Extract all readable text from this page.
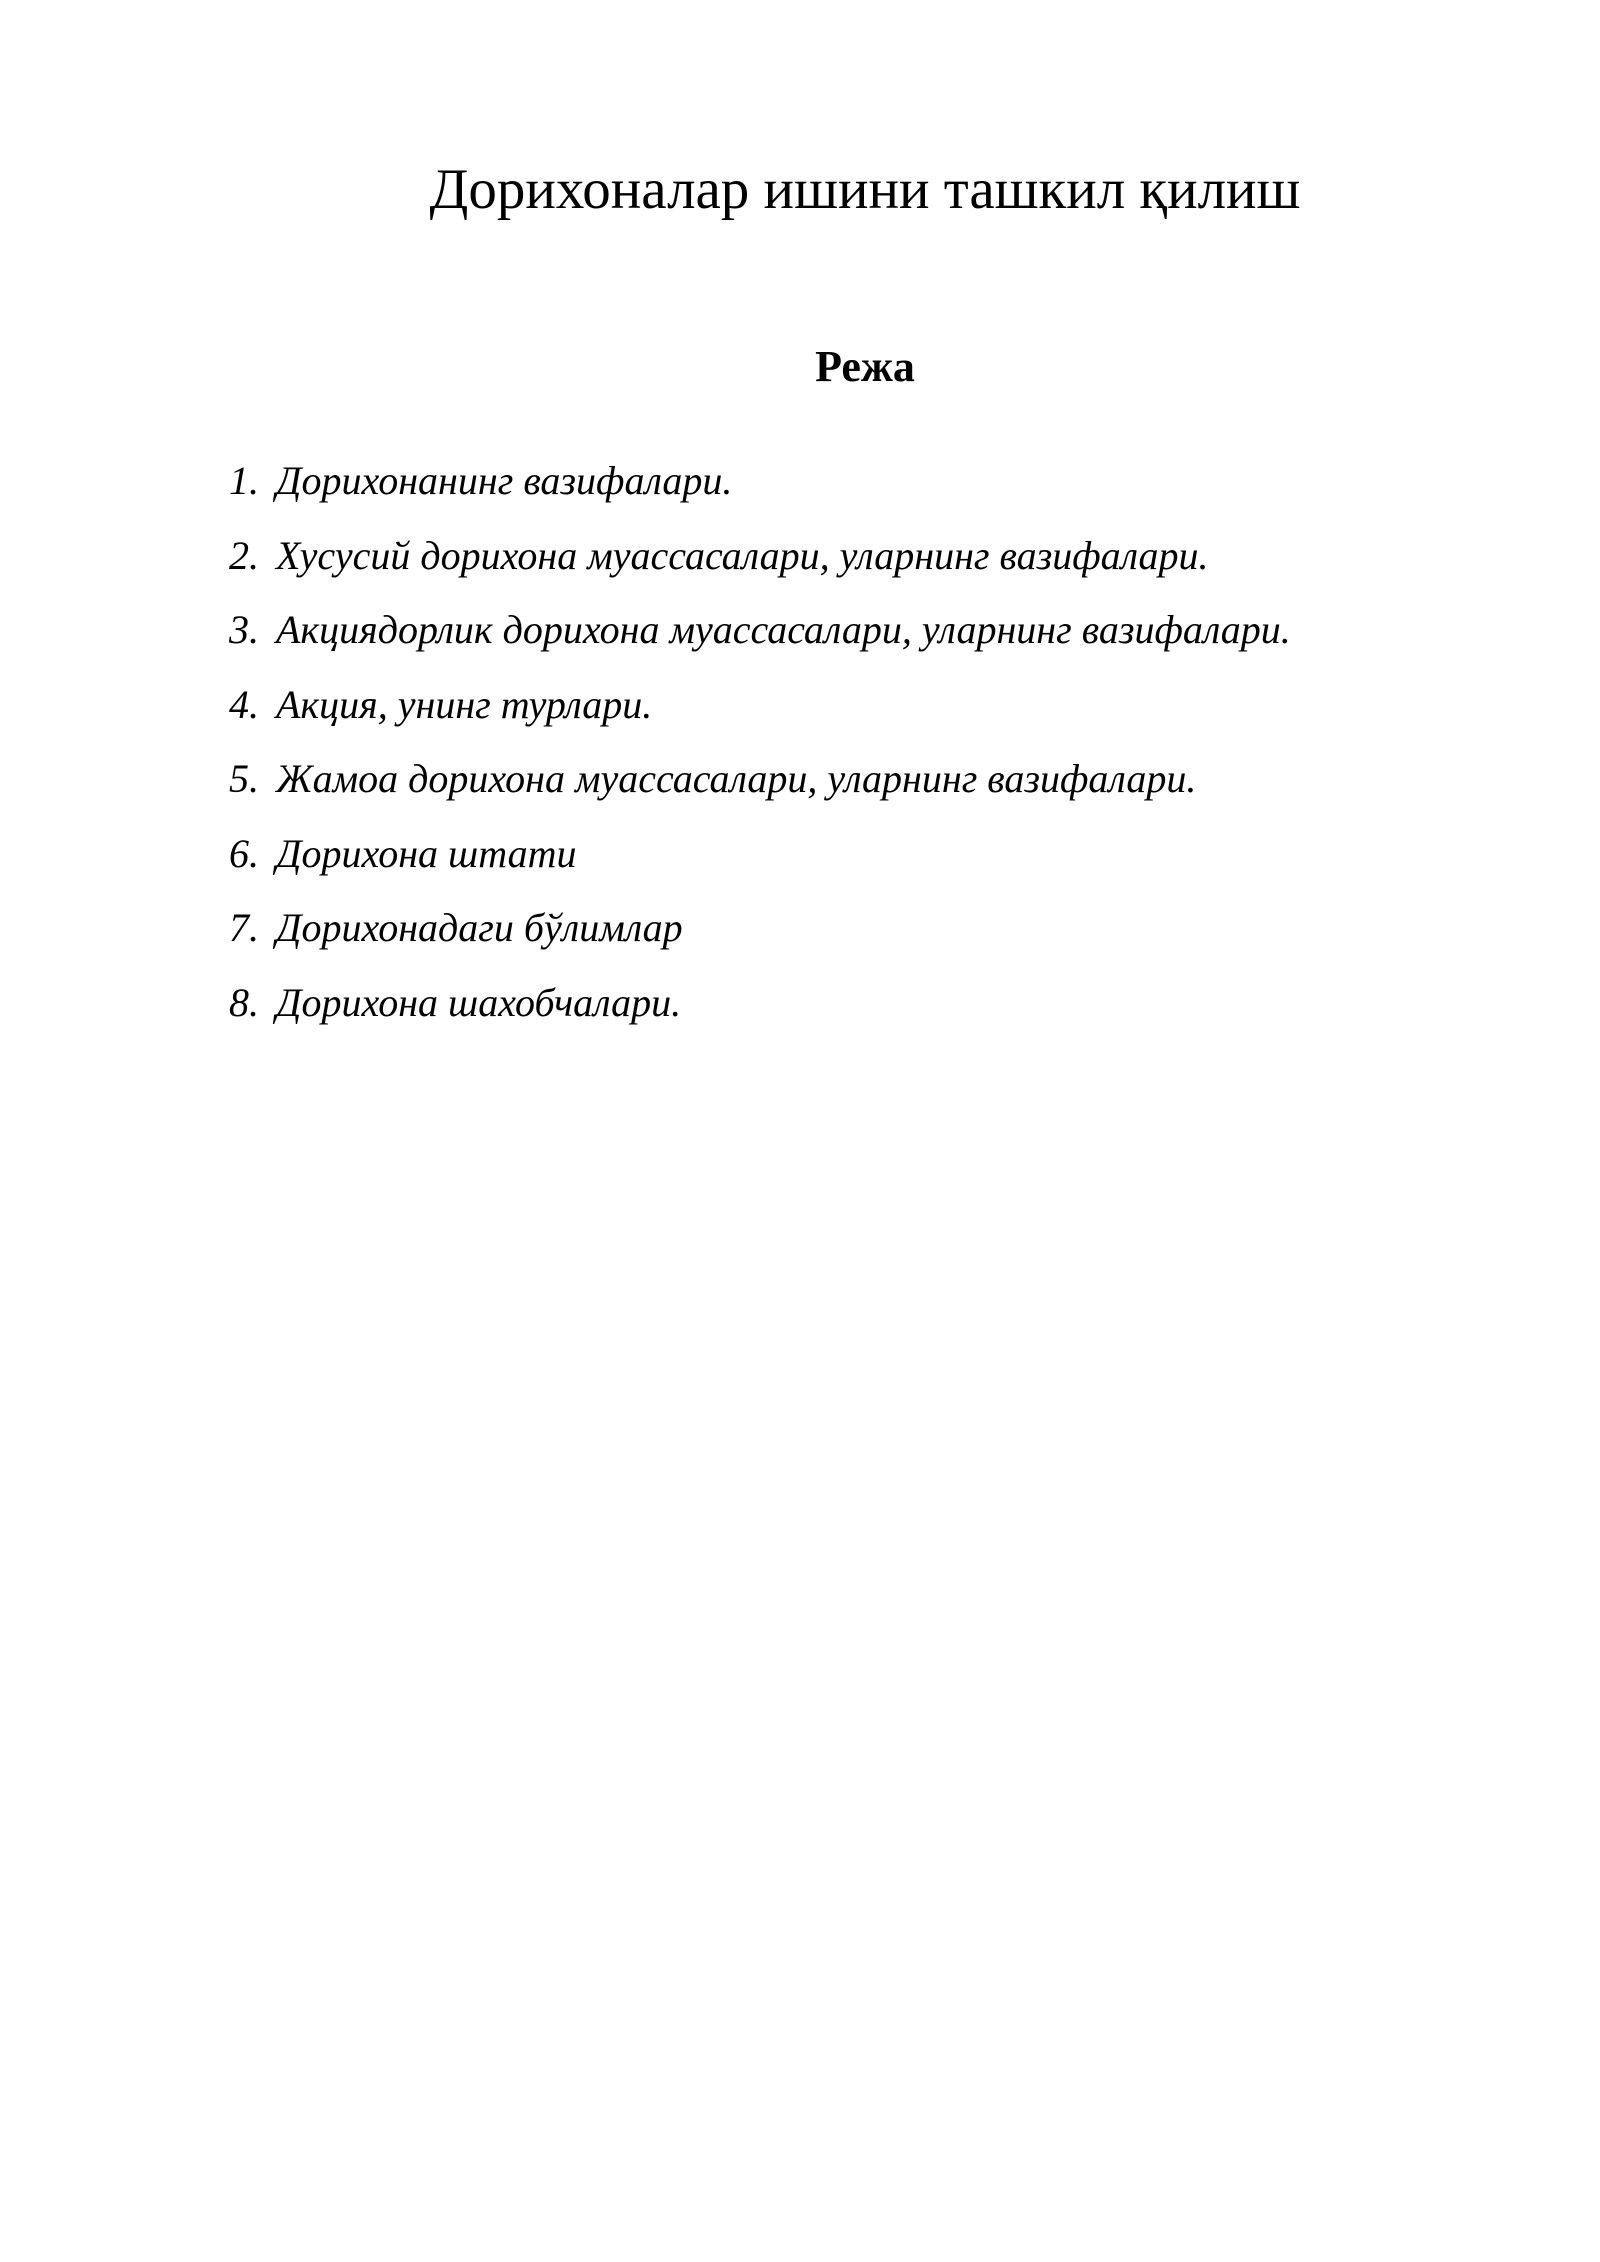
Дорихоналар ишини ташкил қилиш
Режа
1. Дорихонанинг вазифалари.
2. Хусусий дорихона муассасалари, уларнинг вазифалари.
3. Акциядорлик дорихона муассасалари, уларнинг вазифалари.
4. Акция, унинг турлари.
5. Жамоа дорихона муассасалари, уларнинг вазифалари.
6. Дорихона штати
7. Дорихонадаги бўлимлар
8. Дорихона шахобчалари.
